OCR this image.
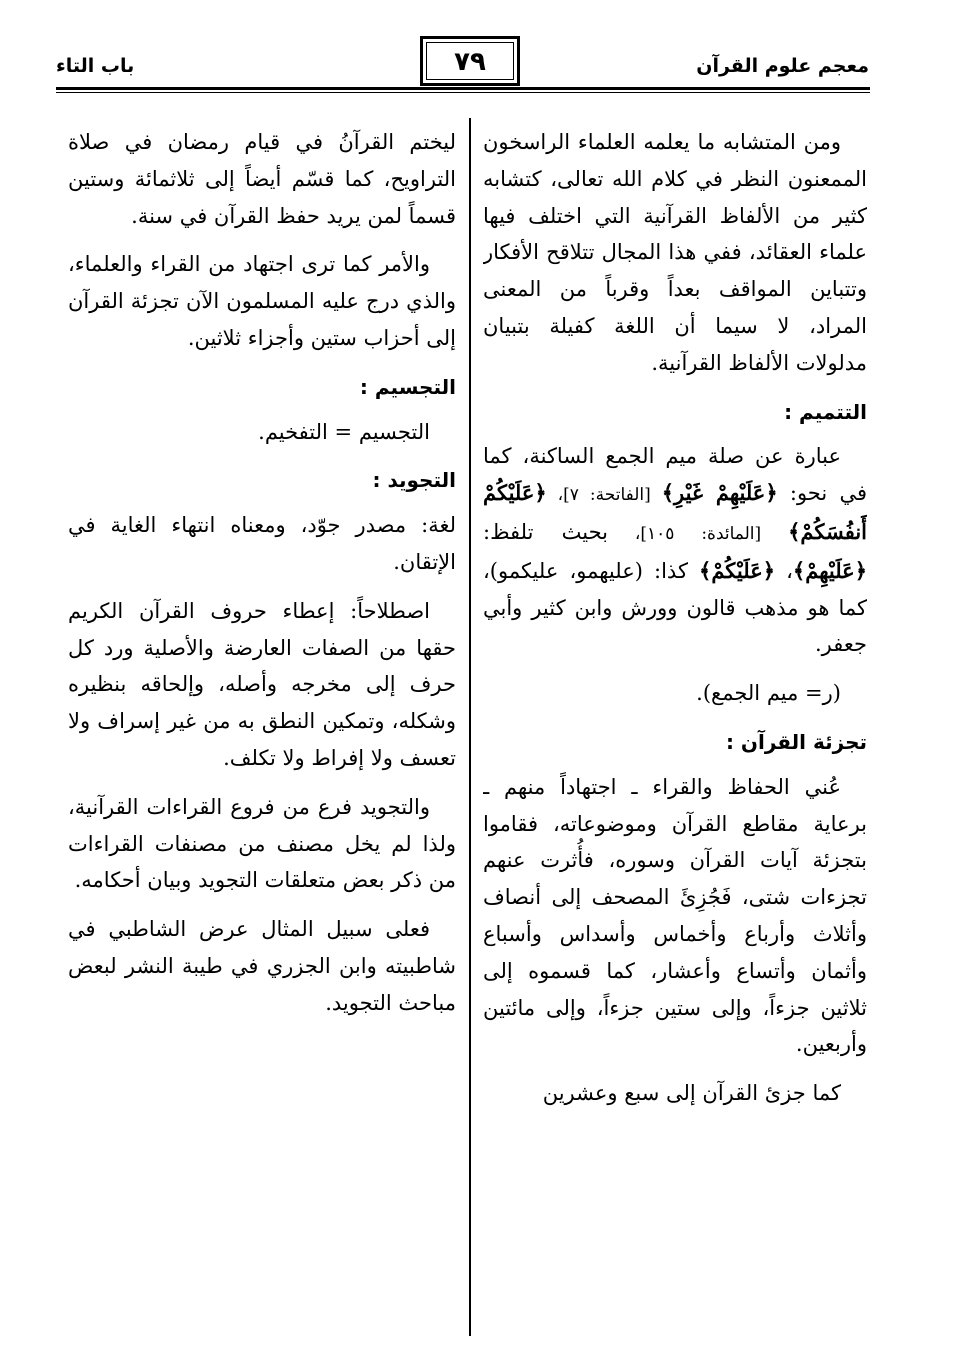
معجم علوم القرآن
٧٩
باب التاء

ومن المتشابه ما يعلمه العلماء الراسخون الممعنون النظر في كلام الله تعالى، كتشابه كثير من الألفاظ القرآنية التي اختلف فيها علماء العقائد، ففي هذا المجال تتلاقح الأفكار وتتباين المواقف بعداً وقرباً من المعنى المراد، لا سيما أن اللغة كفيلة بتبيان مدلولات الألفاظ القرآنية.

التتميم :

عبارة عن صلة ميم الجمع الساكنة، كما في نحو: ﴿عَلَيْهِمْ غَيْرِ﴾ [الفاتحة: ٧]، ﴿عَلَيْكُمْ أَنفُسَكُمْ﴾ [المائدة: ١٠٥]، بحيث تلفظ: ﴿عَلَيْهِمْ﴾، ﴿عَلَيْكُمْ﴾ كذا: (عليهمو، عليكمو)، كما هو مذهب قالون وورش وابن كثير وأبي جعفر.

(ر= ميم الجمع).

تجزئة القرآن :

عُني الحفاظ والقراء ـ اجتهاداً منهم ـ برعاية مقاطع القرآن وموضوعاته، فقاموا بتجزئة آيات القرآن وسوره، فأُثرت عنهم تجزءات شتى، فَجُزِئَ المصحف إلى أنصاف وأثلاث وأرباع وأخماس وأسداس وأسباع وأثمان وأتساع وأعشار، كما قسموه إلى ثلاثين جزءاً، وإلى ستين جزءاً، وإلى مائتين وأربعين.

كما جزئ القرآن إلى سبع وعشرين

ليختم القرآنُ في قيام رمضان في صلاة التراويح، كما قسّم أيضاً إلى ثلاثمائة وستين قسماً لمن يريد حفظ القرآن في سنة.

والأمر كما ترى اجتهاد من القراء والعلماء، والذي درج عليه المسلمون الآن تجزئة القرآن إلى أحزاب ستين وأجزاء ثلاثين.

التجسيم :

التجسيم = التفخيم.

التجويد :

لغة: مصدر جوّد، ومعناه انتهاء الغاية في الإتقان.

اصطلاحاً: إعطاء حروف القرآن الكريم حقها من الصفات العارضة والأصلية ورد كل حرف إلى مخرجه وأصله، وإلحاقه بنظيره وشكله، وتمكين النطق به من غير إسراف ولا تعسف ولا إفراط ولا تكلف.

والتجويد فرع من فروع القراءات القرآنية، ولذا لم يخل مصنف من مصنفات القراءات من ذكر بعض متعلقات التجويد وبيان أحكامه.

فعلى سبيل المثال عرض الشاطبي في شاطبيته وابن الجزري في طيبة النشر لبعض مباحث التجويد.
